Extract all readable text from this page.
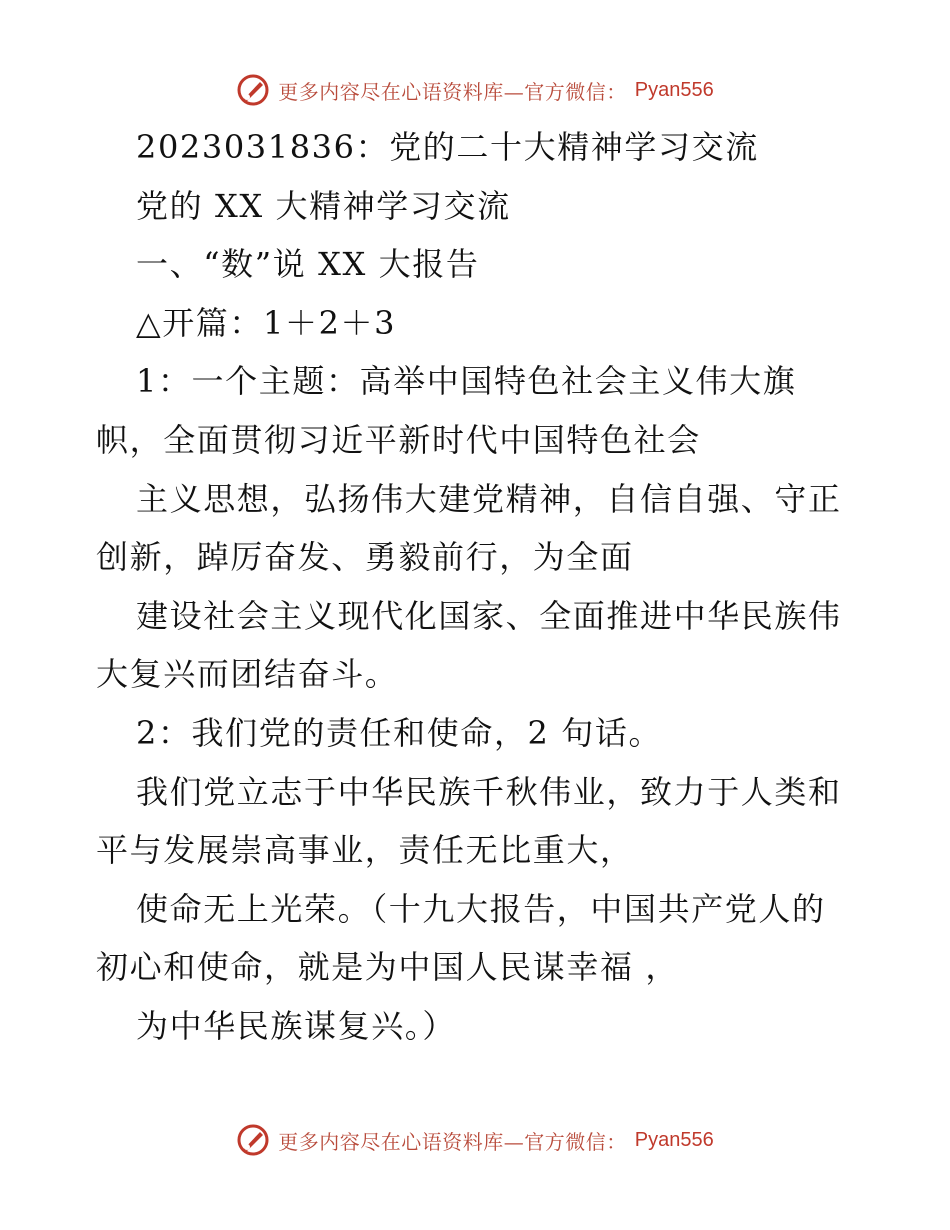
更多内容尽在心语资料库—官方微信： Pyan556
2023031836：党的二十大精神学习交流
党的 XX 大精神学习交流
一、“数”说 XX 大报告
△开篇：1＋2＋3
1：一个主题：高举中国特色社会主义伟大旗
帜，全面贯彻习近平新时代中国特色社会
主义思想，弘扬伟大建党精神，自信自强、守正
创新，踔厉奋发、勇毅前行，为全面
建设社会主义现代化国家、全面推进中华民族伟
大复兴而团结奋斗。
2：我们党的责任和使命，2 句话。
我们党立志于中华民族千秋伟业，致力于人类和
平与发展崇高事业，责任无比重大，
使命无上光荣。（十九大报告，中国共产党人的
初心和使命，就是为中国人民谋幸福 ，
为中华民族谋复兴。）
更多内容尽在心语资料库—官方微信： Pyan556
